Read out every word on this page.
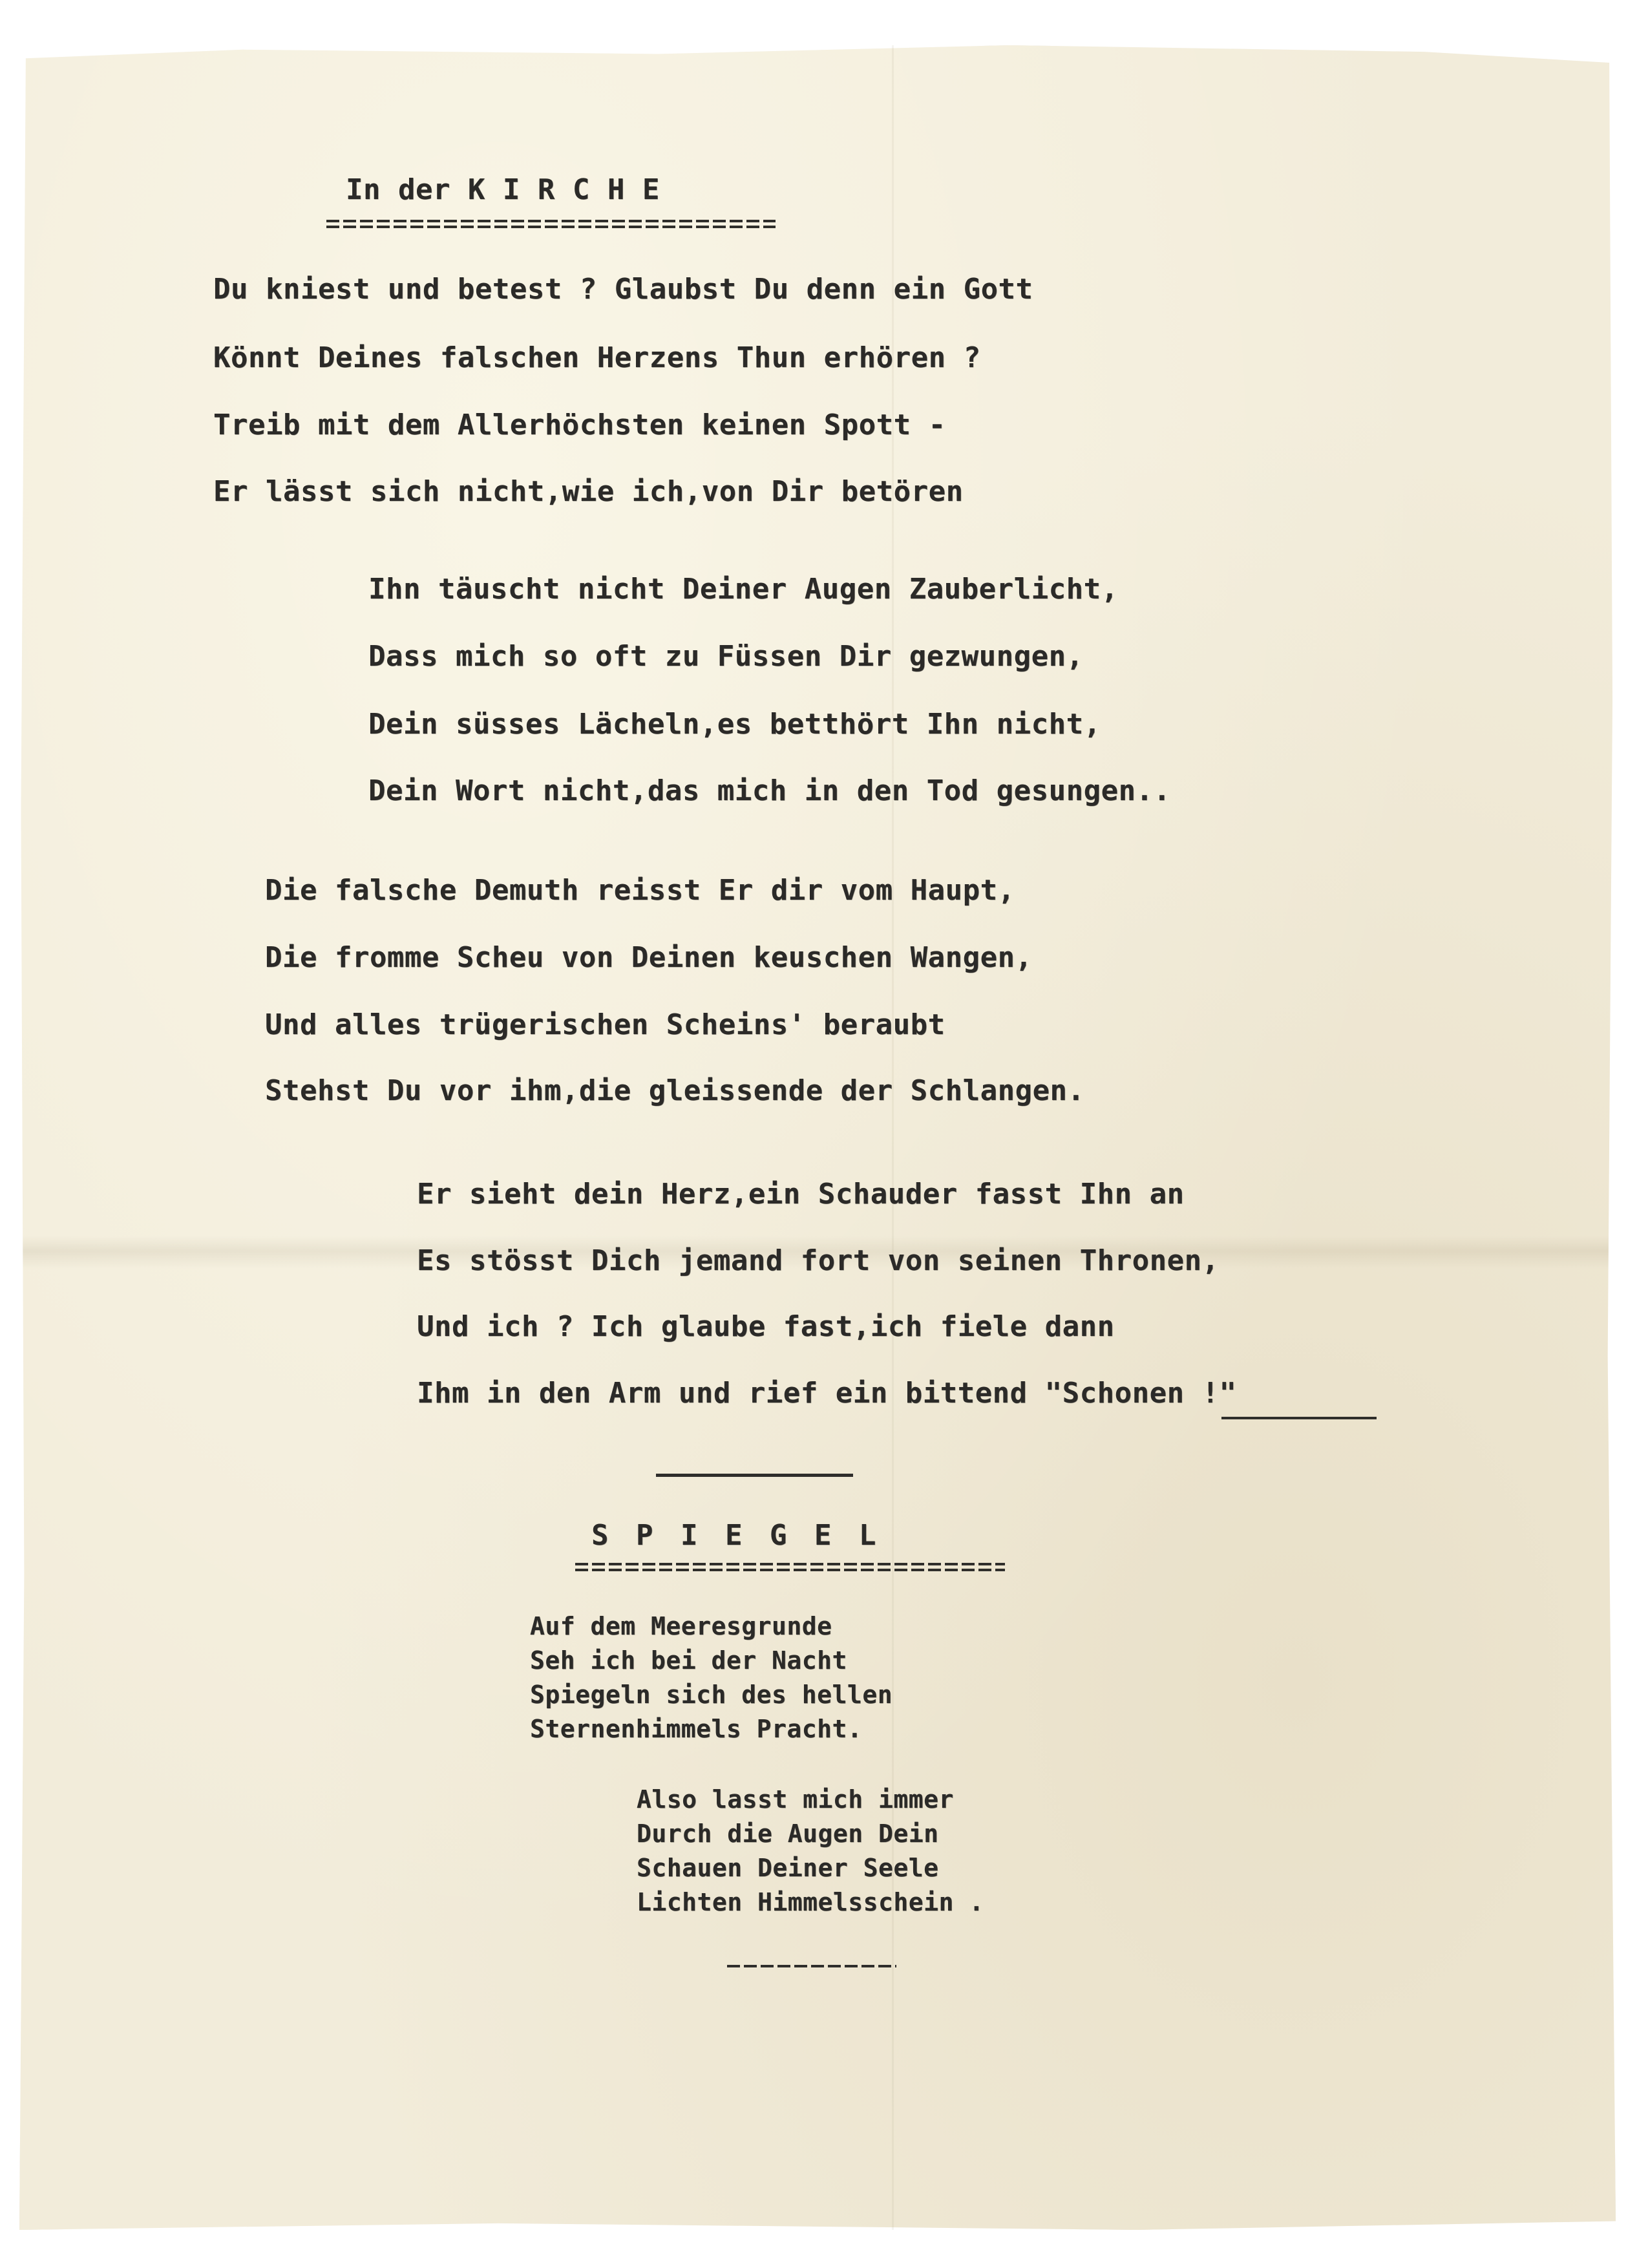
In der K I R C H E
Du kniest und betest ? Glaubst Du denn ein Gott
Könnt Deines falschen Herzens Thun erhören ?
Treib mit dem Allerhöchsten keinen Spott -
Er lässt sich nicht,wie ich,von Dir betören
Ihn täuscht nicht Deiner Augen Zauberlicht,
Dass mich so oft zu Füssen Dir gezwungen,
Dein süsses Lächeln,es betthört Ihn nicht,
Dein Wort nicht,das mich in den Tod gesungen..
Die falsche Demuth reisst Er dir vom Haupt,
Die fromme Scheu von Deinen keuschen Wangen,
Und alles trügerischen Scheins' beraubt
Stehst Du vor ihm,die gleissende der Schlangen.
Er sieht dein Herz,ein Schauder fasst Ihn an
Es stösst Dich jemand fort von seinen Thronen,
Und ich ? Ich glaube fast,ich fiele dann
Ihm in den Arm und rief ein bittend "Schonen !"
S P I E G E L
Auf dem Meeresgrunde
Seh ich bei der Nacht
Spiegeln sich des hellen
Sternenhimmels Pracht.
Also lasst mich immer
Durch die Augen Dein
Schauen Deiner Seele
Lichten Himmelsschein .
